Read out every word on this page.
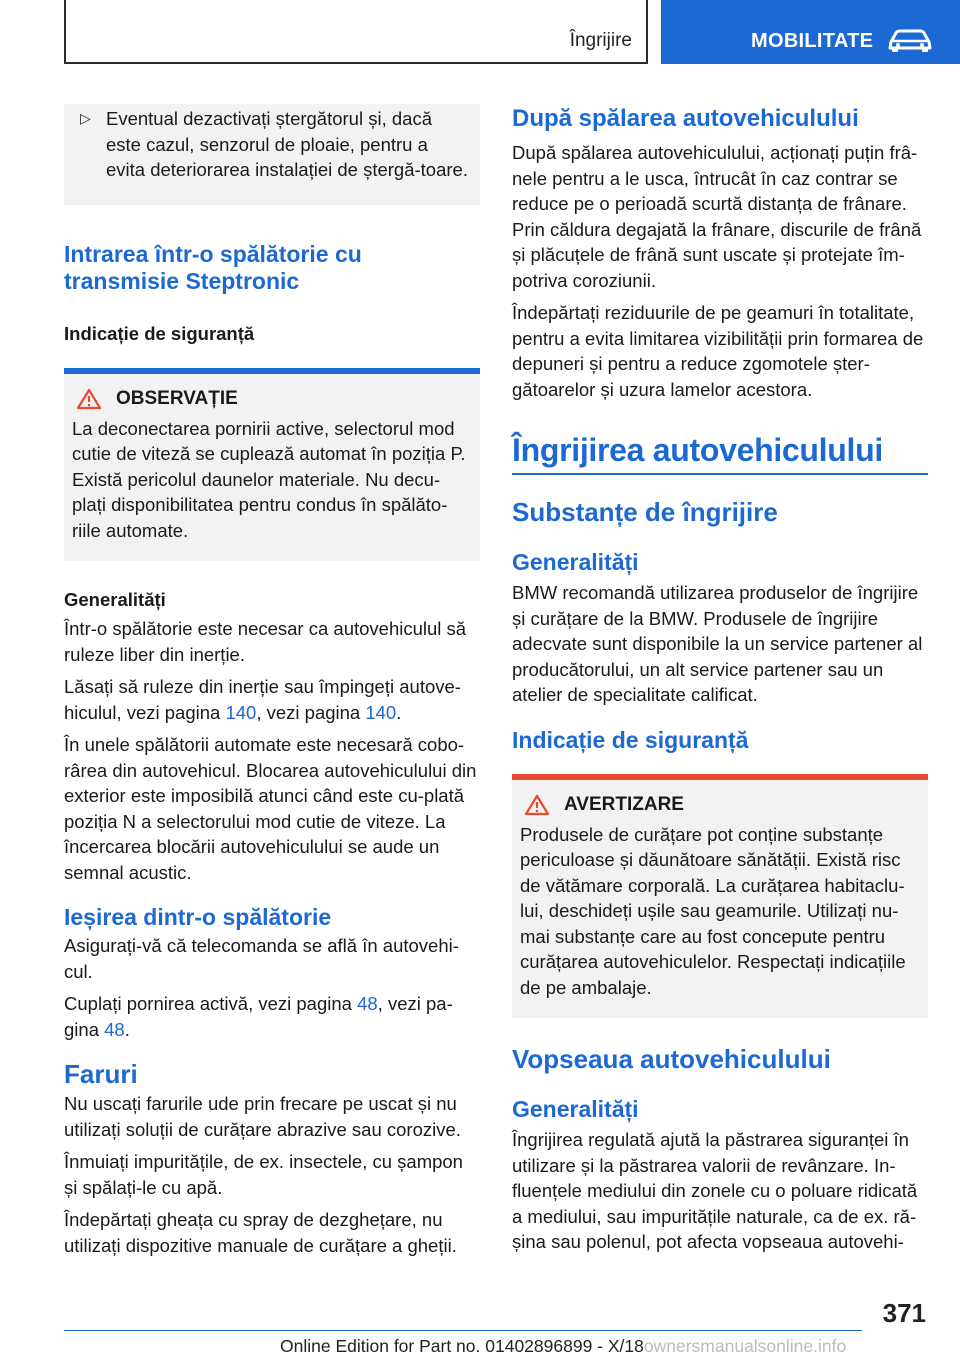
Îngrijire	MOBILITATE
▷ Eventual dezactivați ștergătorul și, dacă este cazul, senzorul de ploaie, pentru a evita deteriorarea instalației de ștergă-toare.
Intrarea într-o spălătorie cu
transmisie Steptronic
Indicație de siguranță
OBSERVAȚIE

La deconectarea pornirii active, selectorul mod cutie de viteză se cuplează automat în poziția P. Există pericolul daunelor materiale. Nu decu-plați disponibilitatea pentru condus în spălăto-riile automate.

Generalități

Într-o spălătorie este necesar ca autovehiculul să ruleze liber din inerție.

Lăsați să ruleze din inerție sau împingeți autove-hiculul, vezi pagina 140, vezi pagina 140.

În unele spălătorii automate este necesară cobo-rârea din autovehicul. Blocarea autovehiculului din exterior este imposibilă atunci când este cu-plată poziția N a selectorului mod cutie de viteze. La încercarea blocării autovehiculului se aude un semnal acustic.

Ieșirea dintr-o spălătorie

Asigurați-vă că telecomanda se află în autovehi-cul.

Cuplați pornirea activă, vezi pagina 48, vezi pa-gina 48.

Faruri

Nu uscați farurile ude prin frecare pe uscat și nu utilizați soluții de curățare abrazive sau corozive.

Înmuiați impuritățile, de ex. insectele, cu șampon și spălați-le cu apă.

Îndepărtați gheața cu spray de dezghețare, nu utilizați dispozitive manuale de curățare a gheții.

După spălarea autovehiculului

După spălarea autovehiculului, acționați puțin frâ-nele pentru a le usca, întrucât în caz contrar se reduce pe o perioadă scurtă distanța de frânare. Prin căldura degajată la frânare, discurile de frână și plăcuțele de frână sunt uscate și protejate îm-potriva coroziunii.

Îndepărtați reziduurile de pe geamuri în totalitate, pentru a evita limitarea vizibilității prin formarea de depuneri și pentru a reduce zgomotele șter-gătoarelor și uzura lamelor acestora.

Îngrijirea autovehiculului
Substanțe de îngrijire
Generalități

BMW recomandă utilizarea produselor de îngrijire și curățare de la BMW. Produsele de îngrijire adecvate sunt disponibile la un service partener al producătorului, un alt service partener sau un atelier de specialitate calificat.

Indicație de siguranță
AVERTIZARE

Produsele de curățare pot conține substanțe periculoase și dăunătoare sănătății. Există risc de vătămare corporală. La curățarea habitaclu-lui, deschideți ușile sau geamurile. Utilizați nu-mai substanțe care au fost concepute pentru curățarea autovehiculelor. Respectați indicațiile de pe ambalaje.

Vopseaua autovehiculului
Generalități

Îngrijirea regulată ajută la păstrarea siguranței în utilizare și la păstrarea valorii de revânzare. In-fluențele mediului din zonele cu o poluare ridicată a mediului, sau impuritățile naturale, ca de ex. ră-șina sau polenul, pot afecta vopseaua autovehi-

371
Online Edition for Part no. 01402896899 - X/18ownersmanualsonline.info
